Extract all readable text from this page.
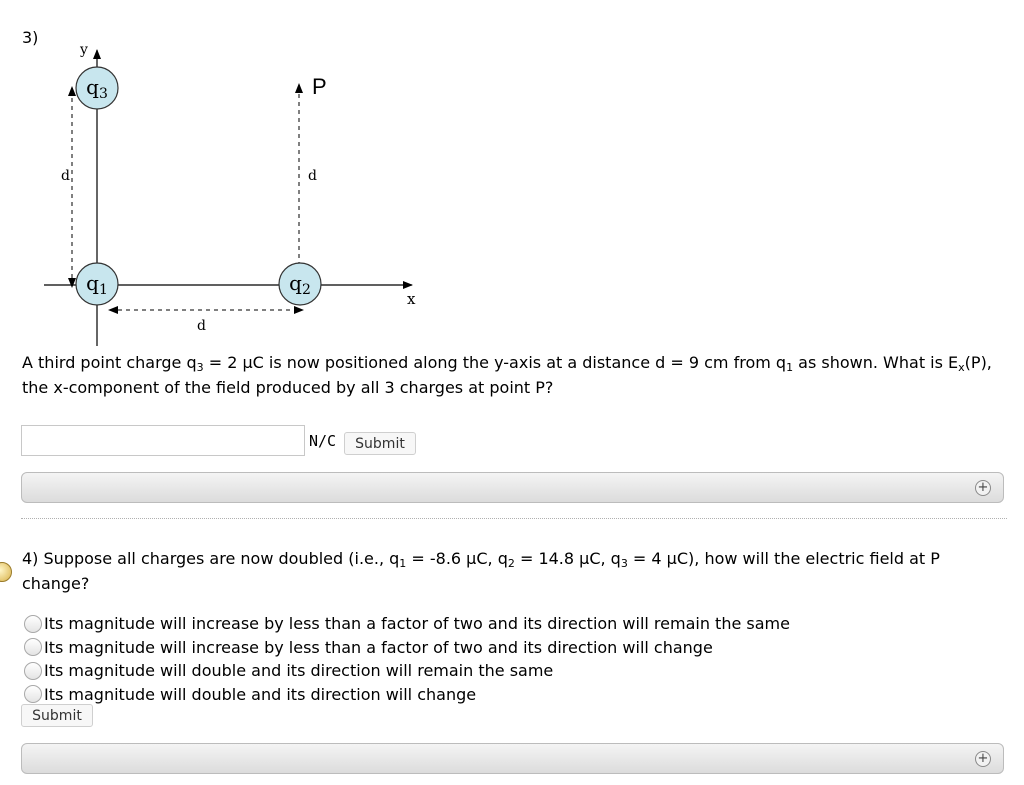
3)
$q_3$
$q_1$	$q_2$
P
y
x
d	d
d
A third point charge $q_3 = 2$ μC is now positioned along the y-axis at a distance d = 9 cm from $q_1$ as shown. What is $E_x(P)$, the x-component of the field produced by all 3 charges at point P?
N/C	Submit
+
4) Suppose all charges are now doubled (i.e., $q_1 = -8.6$ μC, $q_2 = 14.8$ μC, $q_3 = 4$ μC), how will the electric field at P change?
Its magnitude will increase by less than a factor of two and its direction will remain the same
Its magnitude will increase by less than a factor of two and its direction will change
Its magnitude will double and its direction will remain the same
Its magnitude will double and its direction will change
Submit
+
